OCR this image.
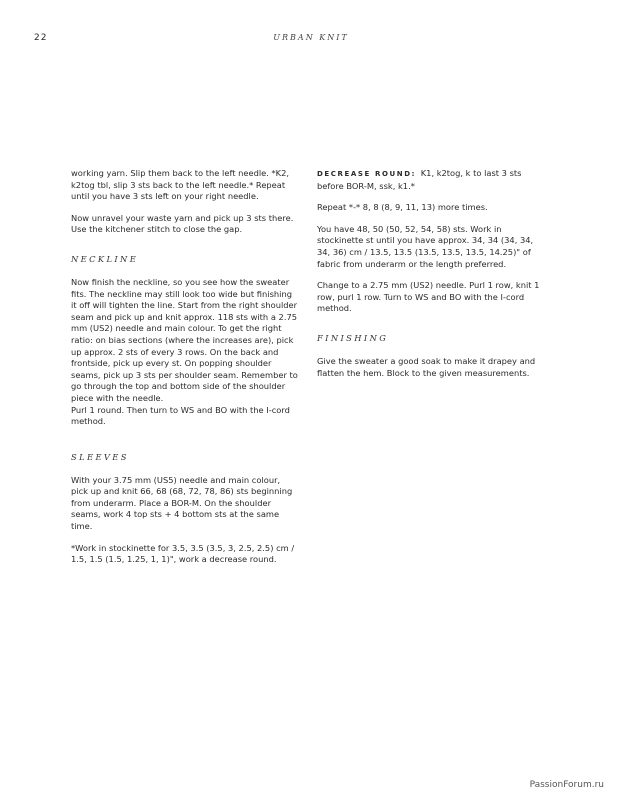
22	URBAN KNIT

working yarn. Slip them back to the left needle. *K2, k2tog tbl, slip 3 sts back to the left needle.* Repeat until you have 3 sts left on your right needle.

Now unravel your waste yarn and pick up 3 sts there. Use the kitchener stitch to close the gap.

NECKLINE

Now finish the neckline, so you see how the sweater fits. The neckline may still look too wide but finishing it off will tighten the line. Start from the right shoulder seam and pick up and knit approx. 118 sts with a 2.75 mm (US2) needle and main colour. To get the right ratio: on bias sections (where the increases are), pick up approx. 2 sts of every 3 rows. On the back and frontside, pick up every st. On popping shoulder seams, pick up 3 sts per shoulder seam. Remember to go through the top and bottom side of the shoulder piece with the needle.

Purl 1 round. Then turn to WS and BO with the I-cord method.

SLEEVES

With your 3.75 mm (US5) needle and main colour, pick up and knit 66, 68 (68, 72, 78, 86) sts beginning from underarm. Place a BOR-M. On the shoulder seams, work 4 top sts + 4 bottom sts at the same time.

*Work in stockinette for 3.5, 3.5 (3.5, 3, 2.5, 2.5) cm / 1.5, 1.5 (1.5, 1.25, 1, 1)", work a decrease round.

DECREASE ROUND: K1, k2tog, k to last 3 sts before BOR-M, ssk, k1.*

Repeat *-* 8, 8 (8, 9, 11, 13) more times.

You have 48, 50 (50, 52, 54, 58) sts. Work in stockinette st until you have approx. 34, 34 (34, 34, 34, 36) cm / 13.5, 13.5 (13.5, 13.5, 13.5, 14.25)" of fabric from underarm or the length preferred.

Change to a 2.75 mm (US2) needle. Purl 1 row, knit 1 row, purl 1 row. Turn to WS and BO with the I-cord method.

FINISHING

Give the sweater a good soak to make it drapey and flatten the hem. Block to the given measurements.

PassionForum.ru
